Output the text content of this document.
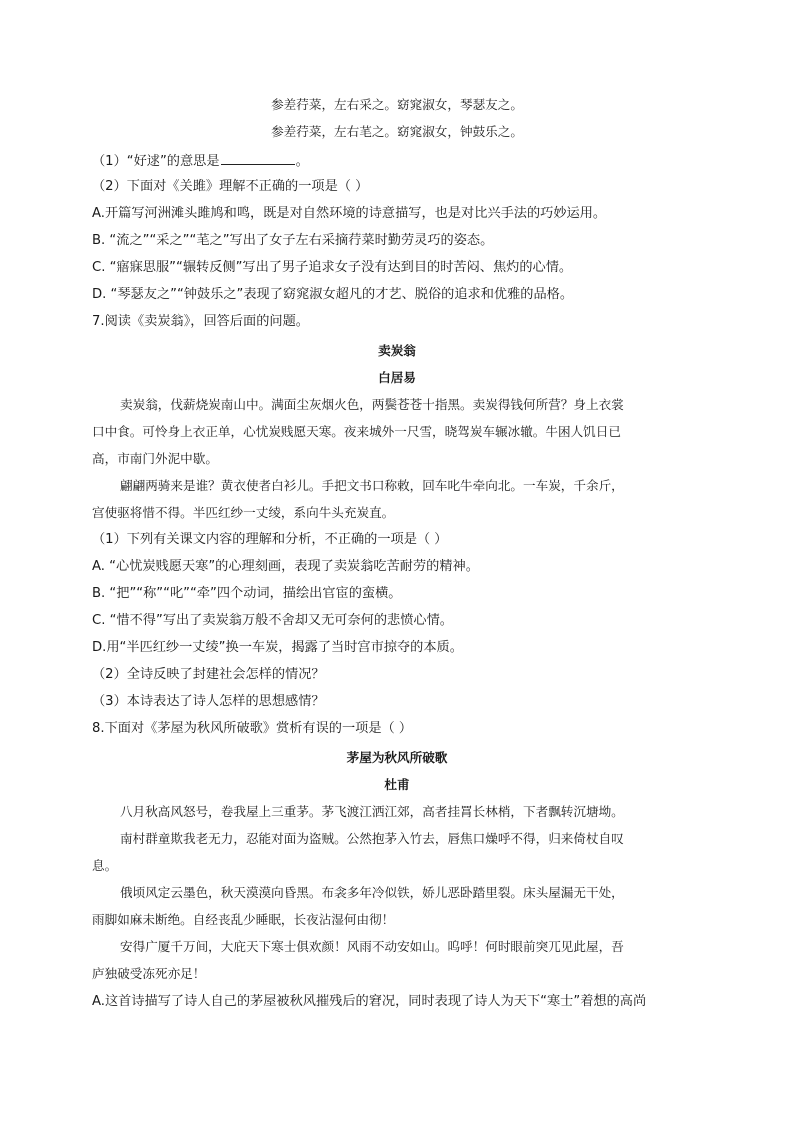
参差荇菜，左右采之。窈窕淑女，琴瑟友之。
参差荇菜，左右芼之。窈窕淑女，钟鼓乐之。
（1）“好逑”的意思是	。
（2）下面对《关雎》理解不正确的一项是（ ）
A.开篇写河洲滩头雎鸠和鸣，既是对自然环境的诗意描写，也是对比兴手法的巧妙运用。
B. “流之”“采之”“芼之”写出了女子左右采摘荇菜时勤劳灵巧的姿态。
C. “寤寐思服”“辗转反侧”写出了男子追求女子没有达到目的时苦闷、焦灼的心情。
D. “琴瑟友之”“钟鼓乐之”表现了窈窕淑女超凡的才艺、脱俗的追求和优雅的品格。
7.阅读《卖炭翁》，回答后面的问题。
卖炭翁
白居易
卖炭翁，伐薪烧炭南山中。满面尘灰烟火色，两鬓苍苍十指黑。卖炭得钱何所营？身上衣裳
口中食。可怜身上衣正单，心忧炭贱愿天寒。夜来城外一尺雪，晓驾炭车辗冰辙。牛困人饥日已
高，市南门外泥中歇。
翩翩两骑来是谁？黄衣使者白衫儿。手把文书口称敕，回车叱牛牵向北。一车炭，千余斤，
宫使驱将惜不得。半匹红纱一丈绫，系向牛头充炭直。
（1）下列有关课文内容的理解和分析，不正确的一项是（ ）
A. “心忧炭贱愿天寒”的心理刻画，表现了卖炭翁吃苦耐劳的精神。
B. “把”“称”“叱”“牵”四个动词，描绘出官宦的蛮横。
C. “惜不得”写出了卖炭翁万般不舍却又无可奈何的悲愤心情。
D.用“半匹红纱一丈绫”换一车炭，揭露了当时宫市掠夺的本质。
（2）全诗反映了封建社会怎样的情况？
（3）本诗表达了诗人怎样的思想感情？
8.下面对《茅屋为秋风所破歌》赏析有误的一项是（ ）
茅屋为秋风所破歌
杜甫
八月秋高风怒号，卷我屋上三重茅。茅飞渡江洒江郊，高者挂罥长林梢，下者飘转沉塘坳。
南村群童欺我老无力，忍能对面为盗贼。公然抱茅入竹去，唇焦口燥呼不得，归来倚杖自叹
息。
俄顷风定云墨色，秋天漠漠向昏黑。布衾多年冷似铁，娇儿恶卧踏里裂。床头屋漏无干处，
雨脚如麻未断绝。自经丧乱少睡眠，长夜沾湿何由彻！
安得广厦千万间，大庇天下寒士俱欢颜！风雨不动安如山。呜呼！何时眼前突兀见此屋，吾
庐独破受冻死亦足！
A.这首诗描写了诗人自己的茅屋被秋风摧残后的窘况，同时表现了诗人为天下“寒士”着想的高尚
